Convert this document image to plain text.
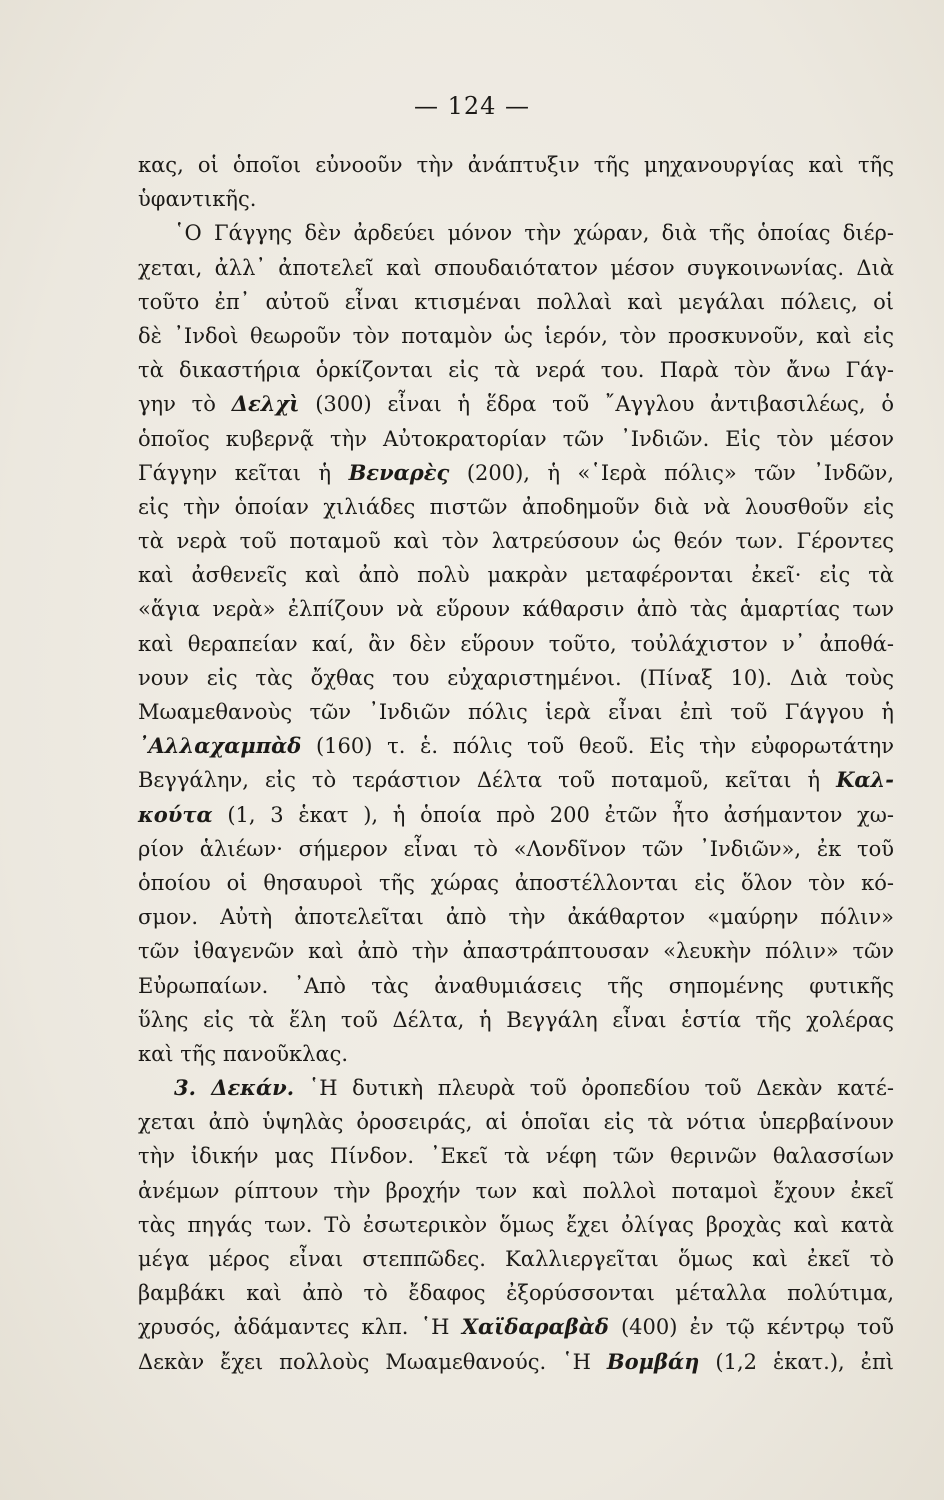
— 124 —
κας, οἱ ὁποῖοι εὐνοοῦν τὴν ἀνάπτυξιν τῆς μηχανουργίας καὶ τῆς
ὑφαντικῆς.
῾Ο Γάγγης δὲν ἀρδεύει μόνον τὴν χώραν, διὰ τῆς ὁποίας διέρ-
χεται, ἀλλ᾽ ἀποτελεῖ καὶ σπουδαιότατον μέσον συγκοινωνίας. Διὰ
τοῦτο ἐπ᾽ αὐτοῦ εἶναι κτισμέναι πολλαὶ καὶ μεγάλαι πόλεις, οἱ
δὲ ᾽Ινδοὶ θεωροῦν τὸν ποταμὸν ὡς ἱερόν, τὸν προσκυνοῦν, καὶ εἰς
τὰ δικαστήρια ὁρκίζονται εἰς τὰ νερά του. Παρὰ τὸν ἄνω Γάγ-
γην τὸ Δελχὶ (300) εἶναι ἡ ἕδρα τοῦ ῎Αγγλου ἀντιβασιλέως, ὁ
ὁποῖος κυβερνᾷ τὴν Αὐτοκρατορίαν τῶν ᾽Ινδιῶν. Εἰς τὸν μέσον
Γάγγην κεῖται ἡ Βεναρὲς (200), ἡ «῾Ιερὰ πόλις» τῶν ᾽Ινδῶν,
εἰς τὴν ὁποίαν χιλιάδες πιστῶν ἀποδημοῦν διὰ νὰ λουσθοῦν εἰς
τὰ νερὰ τοῦ ποταμοῦ καὶ τὸν λατρεύσουν ὡς θεόν των. Γέροντες
καὶ ἀσθενεῖς καὶ ἀπὸ πολὺ μακρὰν μεταφέρονται ἐκεῖ· εἰς τὰ
«ἅγια νερὰ» ἐλπίζουν νὰ εὕρουν κάθαρσιν ἀπὸ τὰς ἁμαρτίας των
καὶ θεραπείαν καί, ἂν δὲν εὕρουν τοῦτο, τοὐλάχιστον ν᾽ ἀποθά-
νουν εἰς τὰς ὄχθας του εὐχαριστημένοι. (Πίναξ 10). Διὰ τοὺς
Μωαμεθανοὺς τῶν ᾽Ινδιῶν πόλις ἱερὰ εἶναι ἐπὶ τοῦ Γάγγου ἡ
᾽Αλλαχαμπὰδ (160) τ. ἑ. πόλις τοῦ θεοῦ. Εἰς τὴν εὐφορωτάτην
Βεγγάλην, εἰς τὸ τεράστιον Δέλτα τοῦ ποταμοῦ, κεῖται ἡ Καλ-
κούτα (1, 3 ἑκατ ), ἡ ὁποία πρὸ 200 ἐτῶν ἦτο ἀσήμαντον χω-
ρίον ἁλιέων· σήμερον εἶναι τὸ «Λονδῖνον τῶν ᾽Ινδιῶν», ἐκ τοῦ
ὁποίου οἱ θησαυροὶ τῆς χώρας ἀποστέλλονται εἰς ὅλον τὸν κό-
σμον. Αὐτὴ ἀποτελεῖται ἀπὸ τὴν ἀκάθαρτον «μαύρην πόλιν»
τῶν ἰθαγενῶν καὶ ἀπὸ τὴν ἀπαστράπτουσαν «λευκὴν πόλιν» τῶν
Εὐρωπαίων. ᾽Απὸ τὰς ἀναθυμιάσεις τῆς σηπομένης φυτικῆς
ὕλης εἰς τὰ ἕλη τοῦ Δέλτα, ἡ Βεγγάλη εἶναι ἑστία τῆς χολέρας
καὶ τῆς πανοῦκλας.
3. Δεκάν. ῾Η δυτικὴ πλευρὰ τοῦ ὀροπεδίου τοῦ Δεκὰν κατέ-
χεται ἀπὸ ὑψηλὰς ὀροσειράς, αἱ ὁποῖαι εἰς τὰ νότια ὑπερβαίνουν
τὴν ἰδικήν μας Πίνδον. ᾽Εκεῖ τὰ νέφη τῶν θερινῶν θαλασσίων
ἀνέμων ρίπτουν τὴν βροχήν των καὶ πολλοὶ ποταμοὶ ἔχουν ἐκεῖ
τὰς πηγάς των. Τὸ ἐσωτερικὸν ὅμως ἔχει ὀλίγας βροχὰς καὶ κατὰ
μέγα μέρος εἶναι στεππῶδες. Καλλιεργεῖται ὅμως καὶ ἐκεῖ τὸ
βαμβάκι καὶ ἀπὸ τὸ ἔδαφος ἐξορύσσονται μέταλλα πολύτιμα,
χρυσός, ἀδάμαντες κλπ. ῾Η Χαϊδαραβὰδ (400) ἐν τῷ κέντρῳ τοῦ
Δεκὰν ἔχει πολλοὺς Μωαμεθανούς. ῾Η Βομβάη (1,2 ἑκατ.), ἐπὶ
